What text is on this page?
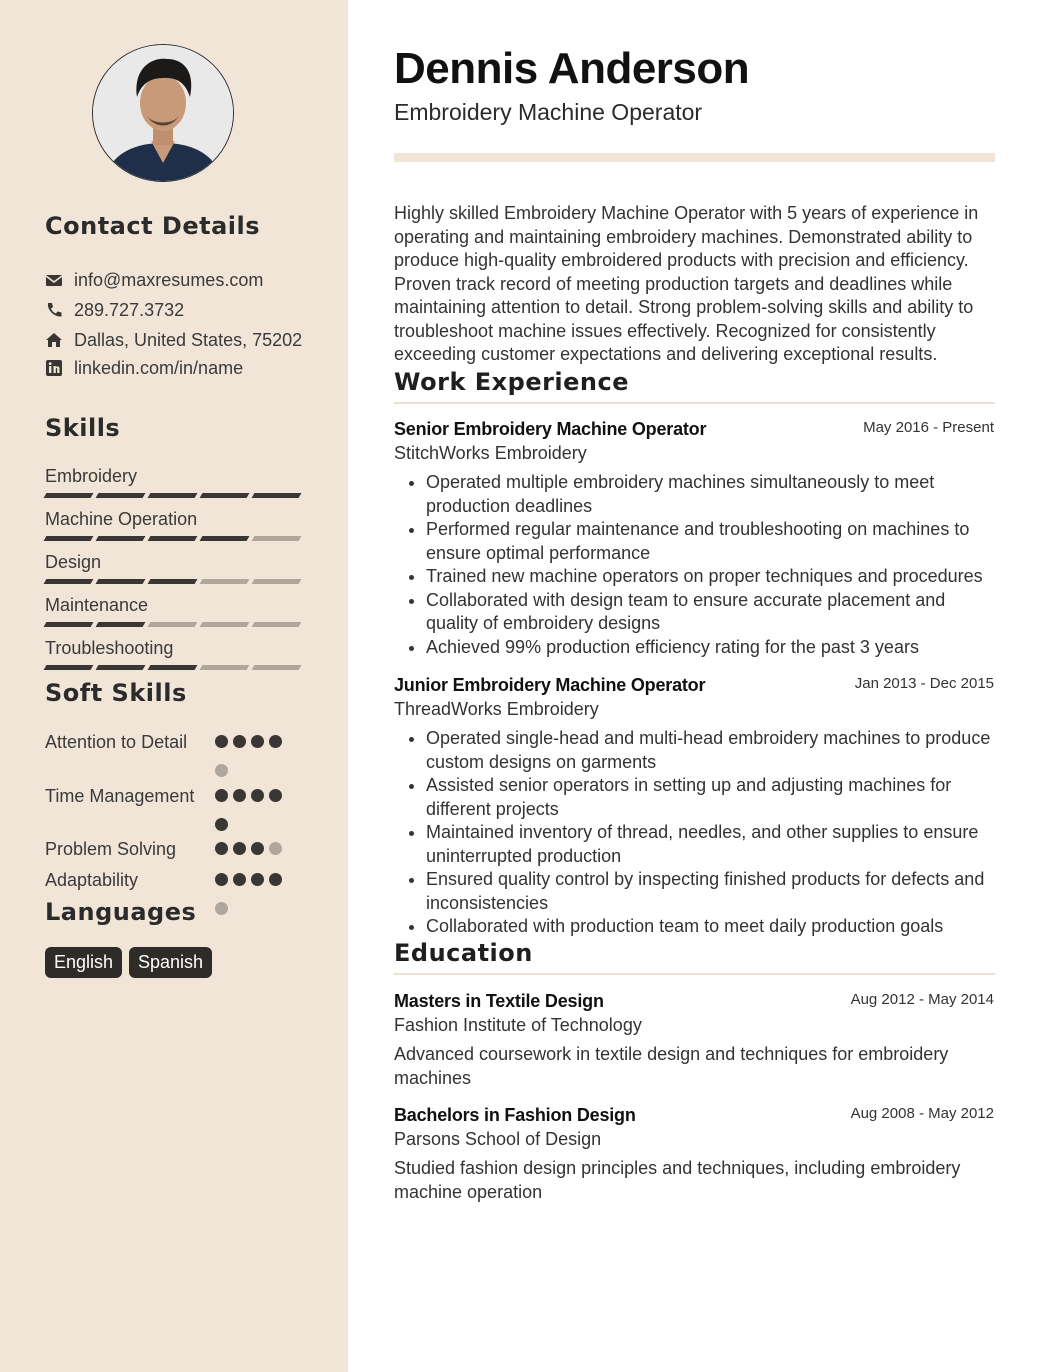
Contact Details
info@maxresumes.com
289.727.3732
Dallas, United States, 75202
linkedin.com/in/name
Skills
Embroidery
Machine Operation
Design
Maintenance
Troubleshooting
Soft Skills
Attention to Detail
Time Management
Problem Solving
Adaptability
Languages
English	Spanish
Dennis Anderson
Embroidery Machine Operator

Highly skilled Embroidery Machine Operator with 5 years of experience in operating and maintaining embroidery machines. Demonstrated ability to produce high-quality embroidered products with precision and efficiency. Proven track record of meeting production targets and deadlines while maintaining attention to detail. Strong problem-solving skills and ability to troubleshoot machine issues effectively. Recognized for consistently exceeding customer expectations and delivering exceptional results.

Work Experience
Senior Embroidery Machine Operator	May 2016 - Present
StitchWorks Embroidery
• Operated multiple embroidery machines simultaneously to meet production deadlines
• Performed regular maintenance and troubleshooting on machines to ensure optimal performance
• Trained new machine operators on proper techniques and procedures
• Collaborated with design team to ensure accurate placement and quality of embroidery designs
• Achieved 99% production efficiency rating for the past 3 years
Junior Embroidery Machine Operator	Jan 2013 - Dec 2015
ThreadWorks Embroidery
• Operated single-head and multi-head embroidery machines to produce custom designs on garments
• Assisted senior operators in setting up and adjusting machines for different projects
• Maintained inventory of thread, needles, and other supplies to ensure uninterrupted production
• Ensured quality control by inspecting finished products for defects and inconsistencies
• Collaborated with production team to meet daily production goals
Education
Masters in Textile Design	Aug 2012 - May 2014
Fashion Institute of Technology
Advanced coursework in textile design and techniques for embroidery machines
Bachelors in Fashion Design	Aug 2008 - May 2012
Parsons School of Design
Studied fashion design principles and techniques, including embroidery machine operation
